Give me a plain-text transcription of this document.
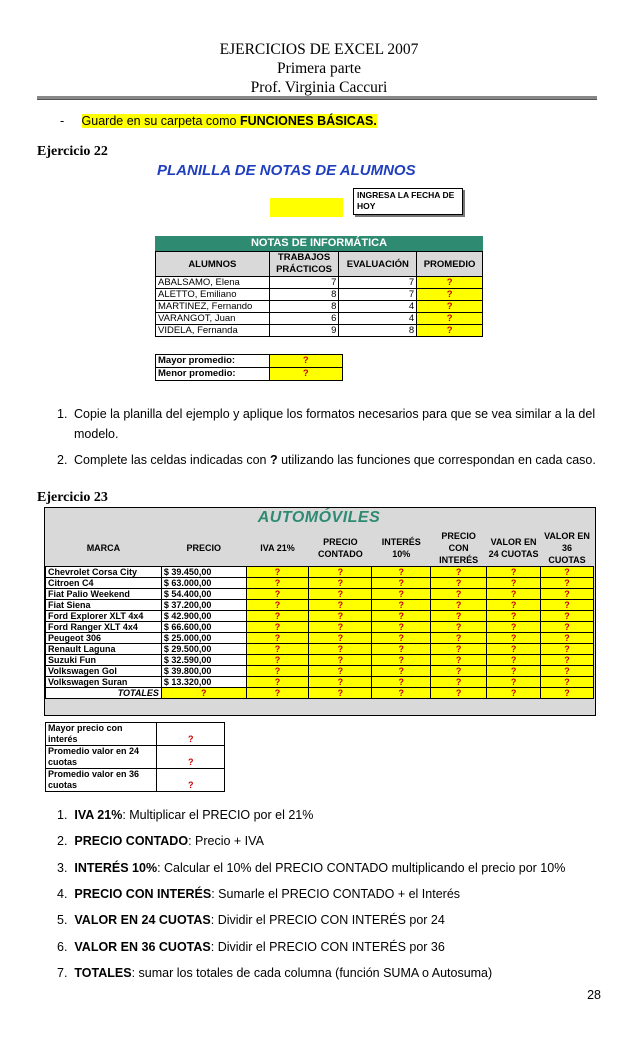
EJERCICIOS DE EXCEL 2007
Primera parte
Prof. Virginia Caccuri
- Guarde en su carpeta como FUNCIONES BÁSICAS.
Ejercicio 22
PLANILLA DE NOTAS DE ALUMNOS
INGRESA LA FECHA DE HOY
NOTAS DE INFORMÁTICA
ALUMNOS	TRABAJOS PRÁCTICOS	EVALUACIÓN	PROMEDIO
ABALSAMO, Elena	7	7	?
ALETTO, Emiliano	8	7	?
MARTINEZ, Fernando	8	4	?
VARANGOT, Juan	6	4	?
VIDELA, Fernanda	9	8	?
Mayor promedio:	?
Menor promedio:	?
1. Copie la planilla del ejemplo y aplique los formatos necesarios para que se vea similar a la del modelo.
2. Complete las celdas indicadas con ? utilizando las funciones que correspondan en cada caso.
Ejercicio 23
AUTOMÓVILES
MARCA	PRECIO	IVA 21%	PRECIO CONTADO	INTERÉS 10%	PRECIO CON INTERÉS	VALOR EN 24 CUOTAS	VALOR EN 36 CUOTAS
Chevrolet Corsa City	$ 39.450,00	?	?	?	?	?	?
Citroen C4	$ 63.000,00	?	?	?	?	?	?
Fiat Palio Weekend	$ 54.400,00	?	?	?	?	?	?
Fiat Siena	$ 37.200,00	?	?	?	?	?	?
Ford Explorer XLT 4x4	$ 42.900,00	?	?	?	?	?	?
Ford Ranger XLT 4x4	$ 66.600,00	?	?	?	?	?	?
Peugeot 306	$ 25.000,00	?	?	?	?	?	?
Renault Laguna	$ 29.500,00	?	?	?	?	?	?
Suzuki Fun	$ 32.590,00	?	?	?	?	?	?
Volkswagen Gol	$ 39.800,00	?	?	?	?	?	?
Volkswagen Suran	$ 13.320,00	?	?	?	?	?	?
TOTALES	?	?	?	?	?	?	?
Mayor precio con interés	?
Promedio valor en 24 cuotas	?
Promedio valor en 36 cuotas	?
1. IVA 21%: Multiplicar el PRECIO por el 21%
2. PRECIO CONTADO: Precio + IVA
3. INTERÉS 10%: Calcular el 10% del PRECIO CONTADO multiplicando el precio por 10%
4. PRECIO CON INTERÉS: Sumarle el PRECIO CONTADO + el Interés
5. VALOR EN 24 CUOTAS: Dividir el PRECIO CON INTERÉS por 24
6. VALOR EN 36 CUOTAS: Dividir el PRECIO CON INTERÉS por 36
7. TOTALES: sumar los totales de cada columna (función SUMA o Autosuma)
28
